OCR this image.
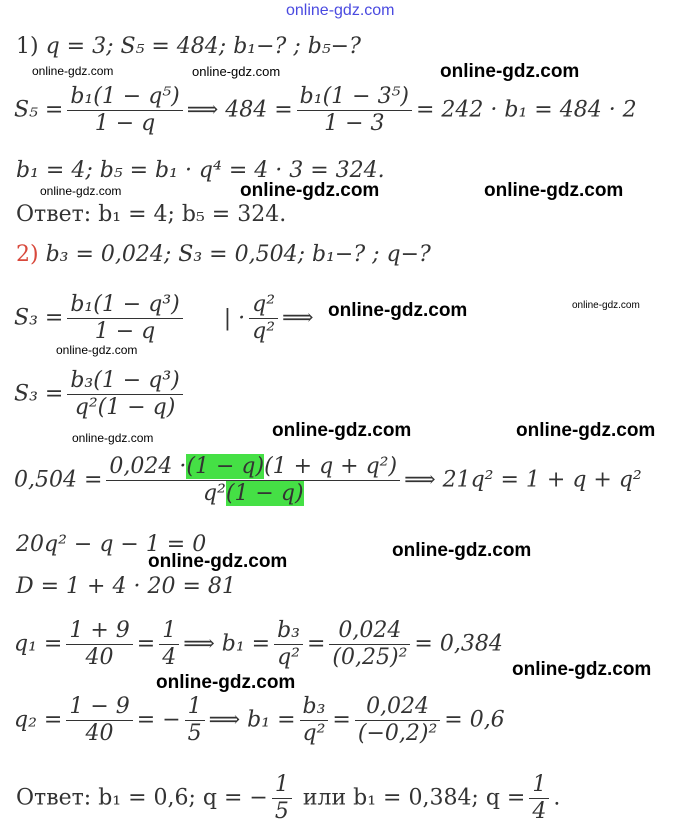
online-gdz.com
online-gdz.com	online-gdz.com	online-gdz.com
online-gdz.com	online-gdz.com	online-gdz.com
online-gdz.com	online-gdz.com
online-gdz.com
online-gdz.com	online-gdz.com	online-gdz.com
online-gdz.com
online-gdz.com
online-gdz.com
online-gdz.com
1) q = 3; S₅ = 484; b₁−? ; b₅−?
$S_5 = \frac{\text{b₁(1 − q⁵)}}{1 - q}$ ⟹ $484 = \frac{\text{b₁(1 − 3⁵)}}{1 - 3} = 242 \cdot b_1 = 484 \cdot 2$
b₁ = 4; b₅ = b₁ · q⁴ = 4 · 3 = 324.
Ответ: b₁ = 4; b₅ = 324.
2) b₃ = 0,024; S₃ = 0,504; b₁−? ; q−?
$S_3 = \frac{\text{b₁(1 − q³)}}{1 - q}$ | · $\frac{\text{q²}}{\text{q²}}$ ⟹
$S_3 = \frac{\text{b₃(1 − q³)}}{\text{q²(1 − q)}}$
$0,504 = \frac{\text{0,024 ·(1 − q)(1 + q + q²)}}{\text{q²(1 − q)}}$ ⟹ 21q² = 1 + q + q²
20q² − q − 1 = 0
D = 1 + 4 · 20 = 81
$q_1 = \frac{1 + 9}{40} = \frac{1}{4}$ ⟹ $b_1 = \frac{\text{b₃}}{\text{q²}} = \frac{0,024}{\text{(0,25)²}} = 0,384$
$q_2 = \frac{1 - 9}{40}$ = − $\frac{1}{5}$ ⟹ $b_1 = \frac{\text{b₃}}{\text{q²}} = \frac{0,024}{\text{(−0,2)²}} = 0,6$
Ответ: b₁ = 0,6; q = − $\frac{1}{5}$ или b₁ = 0,384; $q = \frac{1}{4}$ .
